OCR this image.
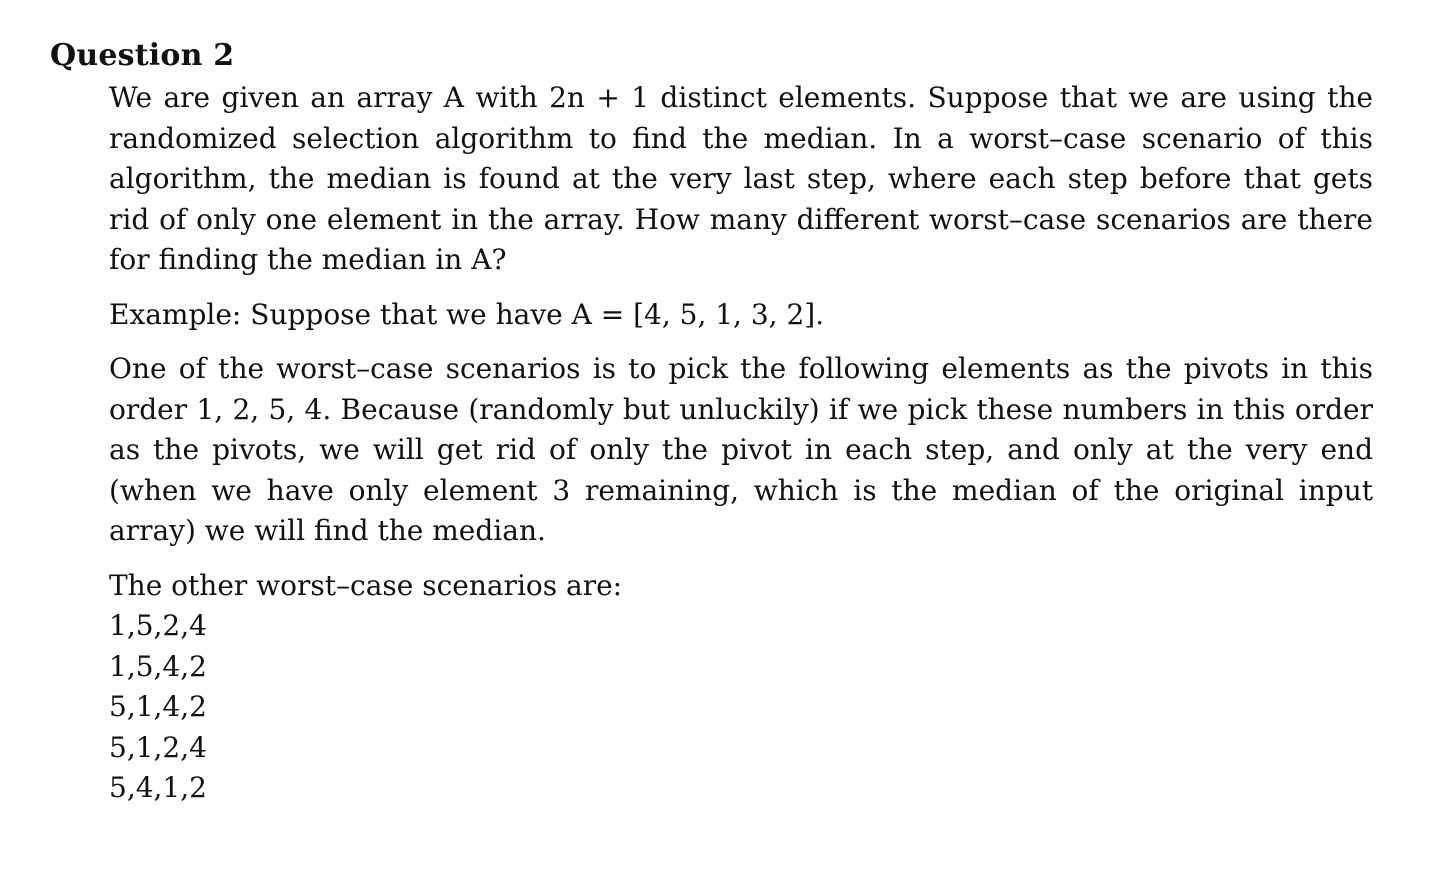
Question 2

We are given an array A with 2n + 1 distinct elements. Suppose that we are using the randomized selection algorithm to find the median. In a worst–case scenario of this algorithm, the median is found at the very last step, where each step before that gets rid of only one element in the array. How many different worst–case scenarios are there for finding the median in A?

Example: Suppose that we have A = [4, 5, 1, 3, 2].

One of the worst–case scenarios is to pick the following elements as the pivots in this order 1, 2, 5, 4. Because (randomly but unluckily) if we pick these numbers in this order as the pivots, we will get rid of only the pivot in each step, and only at the very end (when we have only element 3 remaining, which is the median of the original input array) we will find the median.

The other worst–case scenarios are:
1,5,2,4
1,5,4,2
5,1,4,2
5,1,2,4
5,4,1,2
